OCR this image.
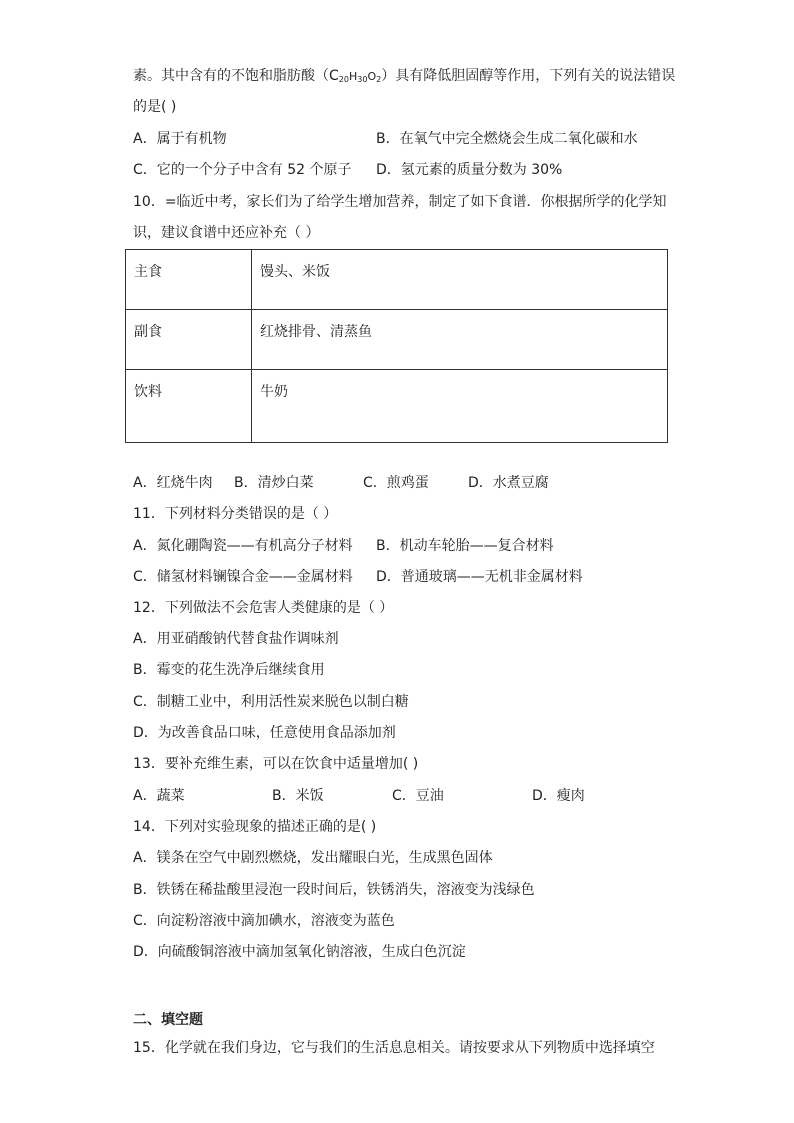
素。其中含有的不饱和脂肪酸$(C_{20}H_{30}O_2)$具有降低胆固醇等作用，下列有关的说法错误
的是( )
A．属于有机物	B．在氧气中完全燃烧会生成二氧化碳和水
C．它的一个分子中含有 52 个原子 D．氢元素的质量分数为 30%
10．=临近中考，家长们为了给学生增加营养，制定了如下食谱．你根据所学的化学知
识，建议食谱中还应补充（ ）
主食	馒头、米饭
副食	红烧排骨、清蒸鱼
饮料	牛奶
A．红烧牛肉 B．清炒白菜	C．煎鸡蛋	D．水煮豆腐
11．下列材料分类错误的是（ ）
A．氮化硼陶瓷——有机高分子材料 B．机动车轮胎——复合材料
C．储氢材料镧镍合金——金属材料 D．普通玻璃——无机非金属材料
12．下列做法不会危害人类健康的是（ ）
A．用亚硝酸钠代替食盐作调味剂
B．霉变的花生洗净后继续食用
C．制糖工业中，利用活性炭来脱色以制白糖
D．为改善食品口味，任意使用食品添加剂
13．要补充维生素，可以在饮食中适量增加( )
A．蔬菜	B．米饭	C．豆油	D．瘦肉
14．下列对实验现象的描述正确的是( )
A．镁条在空气中剧烈燃烧，发出耀眼白光，生成黑色固体
B．铁锈在稀盐酸里浸泡一段时间后，铁锈消失，溶液变为浅绿色
C．向淀粉溶液中滴加碘水，溶液变为蓝色
D．向硫酸铜溶液中滴加氢氧化钠溶液，生成白色沉淀
二、填空题
15．化学就在我们身边，它与我们的生活息息相关。请按要求从下列物质中选择填空
